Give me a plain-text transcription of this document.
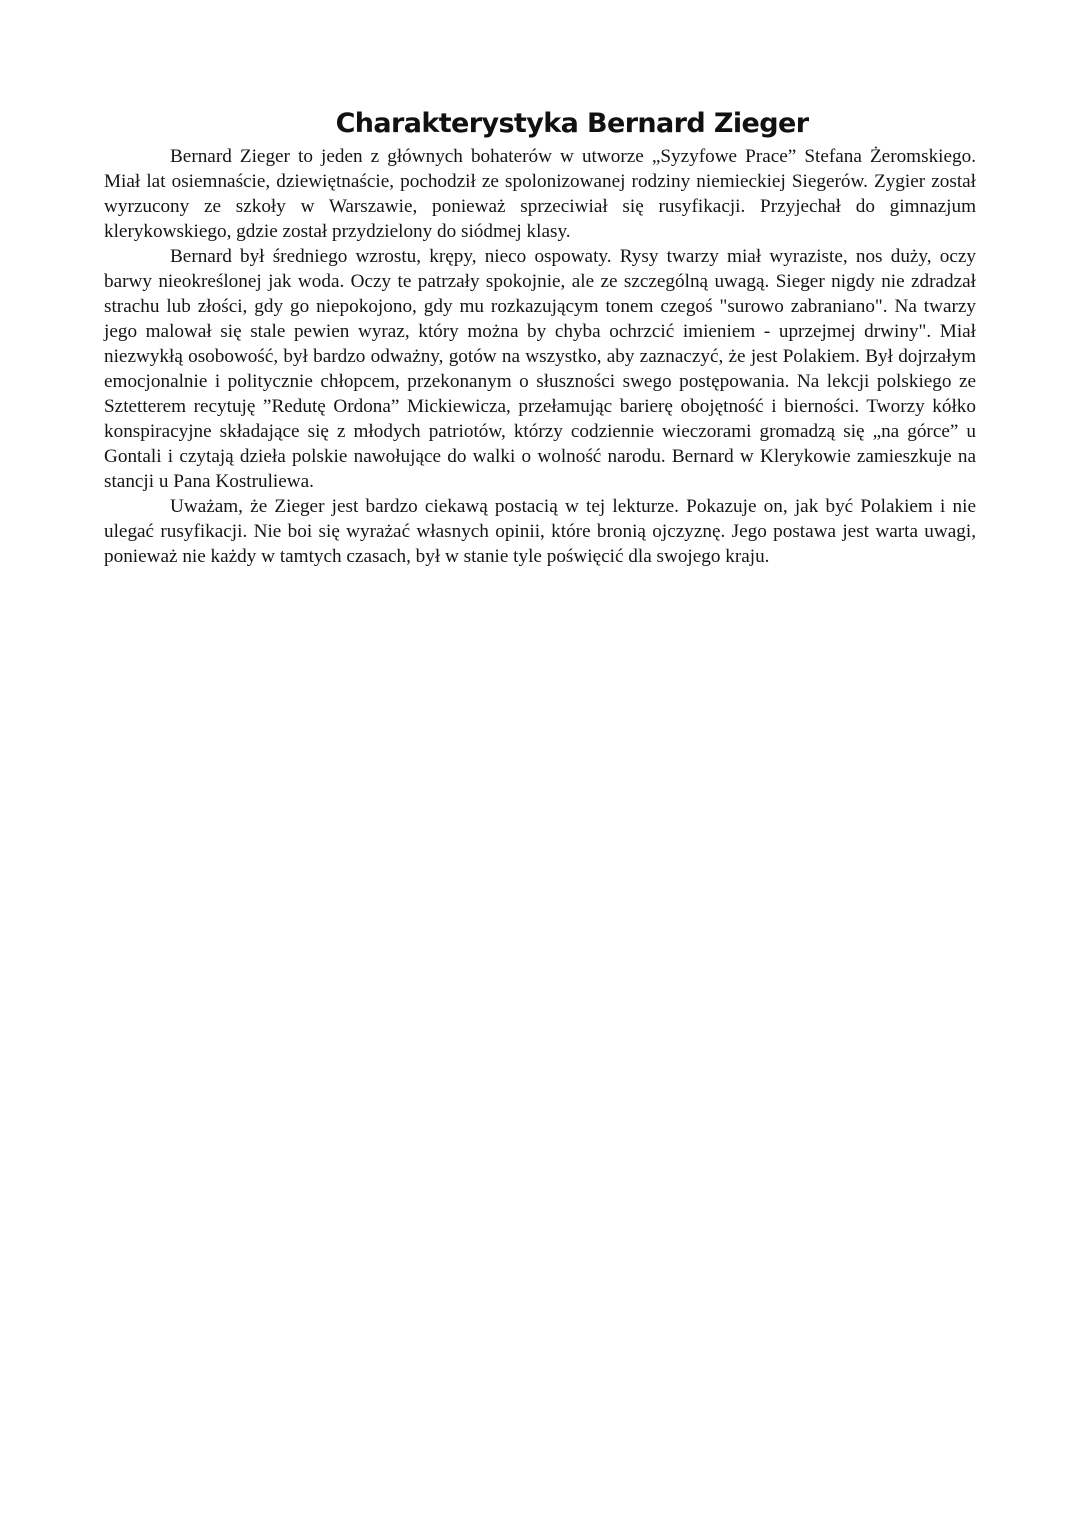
Charakterystyka Bernard Zieger

Bernard Zieger to jeden z głównych bohaterów w utworze „Syzyfowe Prace” Stefana Żeromskiego. Miał lat osiemnaście, dziewiętnaście, pochodził ze spolonizowanej rodziny niemieckiej Siegerów. Zygier został wyrzucony ze szkoły w Warszawie, ponieważ sprzeciwiał się rusyfikacji. Przyjechał do gimnazjum klerykowskiego, gdzie został przydzielony do siódmej klasy.

Bernard był średniego wzrostu, krępy, nieco ospowaty. Rysy twarzy miał wyraziste, nos duży, oczy barwy nieokreślonej jak woda. Oczy te patrzały spokojnie, ale ze szczególną uwagą. Sieger nigdy nie zdradzał strachu lub złości, gdy go niepokojono, gdy mu rozkazującym tonem czegoś "surowo zabraniano". Na twarzy jego malował się stale pewien wyraz, który można by chyba ochrzcić imieniem - uprzejmej drwiny". Miał niezwykłą osobowość, był bardzo odważny, gotów na wszystko, aby zaznaczyć, że jest Polakiem. Był dojrzałym emocjonalnie i politycznie chłopcem, przekonanym o słuszności swego postępowania. Na lekcji polskiego ze Sztetterem recytuję ”Redutę Ordona” Mickiewicza, przełamując barierę obojętność i bierności. Tworzy kółko konspiracyjne składające się z młodych patriotów, którzy codziennie wieczorami gromadzą się „na górce” u Gontali i czytają dzieła polskie nawołujące do walki o wolność narodu. Bernard w Klerykowie zamieszkuje na stancji u Pana Kostruliewa.

Uważam, że Zieger jest bardzo ciekawą postacią w tej lekturze. Pokazuje on, jak być Polakiem i nie ulegać rusyfikacji. Nie boi się wyrażać własnych opinii, które bronią ojczyznę. Jego postawa jest warta uwagi, ponieważ nie każdy w tamtych czasach, był w stanie tyle poświęcić dla swojego kraju.
